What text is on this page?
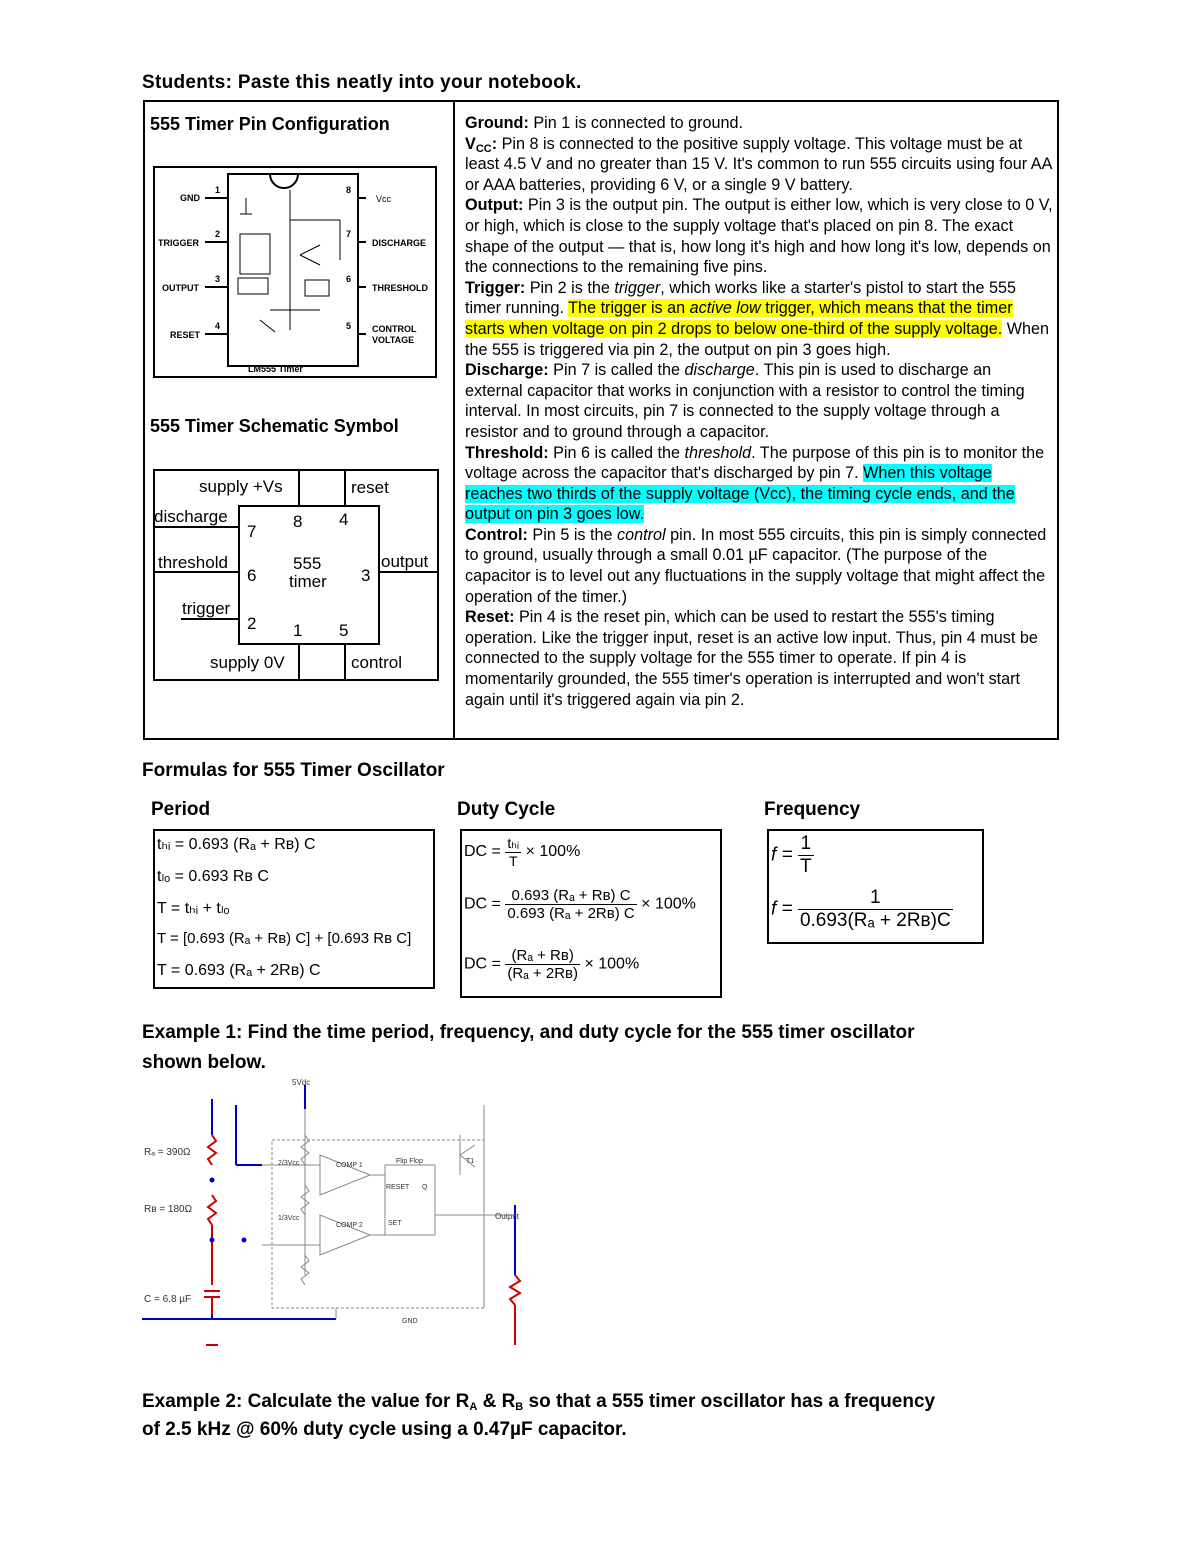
Students: Paste this neatly into your notebook.
555 Timer Pin Configuration
GND
TRIGGER
OUTPUT
RESET
1
2
3
4
8
7
6
5
Vcc
DISCHARGE
THRESHOLD
CONTROL
VOLTAGE
LM555 Timer
555 Timer Schematic Symbol
supply +Vs	reset
discharge
threshold
trigger
output
supply 0V	control
555
timer
7
8 4
6	3
2 1 5

Ground: Pin 1 is connected to ground.

$V_{CC}$: Pin 8 is connected to the positive supply voltage. This voltage must be at least 4.5 V and no greater than 15 V. It's common to run 555 circuits using four AA or AAA batteries, providing 6 V, or a single 9 V battery.

Output: Pin 3 is the output pin. The output is either low, which is very close to 0 V, or high, which is close to the supply voltage that's placed on pin 8. The exact shape of the output — that is, how long it's high and how long it's low, depends on the connections to the remaining five pins.

Trigger: Pin 2 is the trigger, which works like a starter's pistol to start the 555 timer running. The trigger is an active low trigger, which means that the timer starts when voltage on pin 2 drops to below one-third of the supply voltage. When the 555 is triggered via pin 2, the output on pin 3 goes high.

Discharge: Pin 7 is called the discharge. This pin is used to discharge an external capacitor that works in conjunction with a resistor to control the timing interval. In most circuits, pin 7 is connected to the supply voltage through a resistor and to ground through a capacitor.

Threshold: Pin 6 is called the threshold. The purpose of this pin is to monitor the voltage across the capacitor that's discharged by pin 7. When this voltage reaches two thirds of the supply voltage (Vcc), the timing cycle ends, and the output on pin 3 goes low.

Control: Pin 5 is the control pin. In most 555 circuits, this pin is simply connected to ground, usually through a small 0.01 µF capacitor. (The purpose of the capacitor is to level out any fluctuations in the supply voltage that might affect the operation of the timer.)

Reset: Pin 4 is the reset pin, which can be used to restart the 555's timing operation. Like the trigger input, reset is an active low input. Thus, pin 4 must be connected to the supply voltage for the 555 timer to operate. If pin 4 is momentarily grounded, the 555 timer's operation is interrupted and won't start again until it's triggered again via pin 2.

Formulas for 555 Timer Oscillator
Period	Duty Cycle	Frequency
tₕᵢ = 0.693 (Rₐ + Rʙ) C
tₗₒ = 0.693 Rʙ C
T = tₕᵢ + tₗₒ
T = [0.693 (Rₐ + Rʙ) C] + [0.693 Rʙ C]
T = 0.693 (Rₐ + 2Rʙ) C
DC = $\frac{\text{tₕᵢ}}{T} \times 100\%$
DC = $\frac{\text{0.693 (Rₐ + Rʙ) C}}{\text{0.693 (Rₐ + 2Rʙ) C}} \times 100\%$
DC = $\frac{\text{(Rₐ + Rʙ)}}{\text{(Rₐ + 2Rʙ)}} \times 100\%$
$f = \frac{1}{T}$
$f = \frac{1}{\text{0.693(Rₐ + 2Rʙ)C}}$
Example 1: Find the time period, frequency, and duty cycle for the 555 timer oscillator
shown below.
Rₐ = 390Ω
Rʙ = 180Ω
C = 6.8 µF
5Vdc
COMP 1
COMP 2
Flip Flop
RESET
SET
Q
T1
Output
2/3Vcc
1/3Vcc
GND
Example 2: Calculate the value for $R_A$ & $R_B$ so that a 555 timer oscillator has a frequency
of 2.5 kHz @ 60% duty cycle using a 0.47µF capacitor.
